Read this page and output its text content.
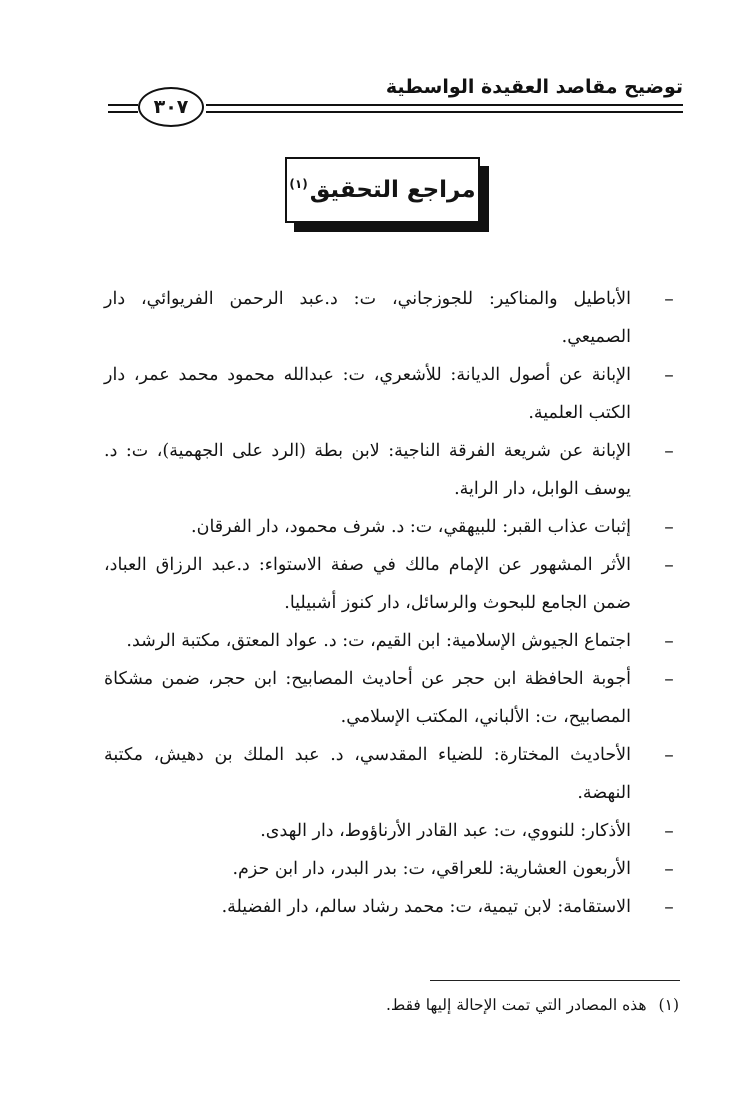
توضيح مقاصد العقيدة الواسطية
٣٠٧
مراجع التحقيق$^{(١)}$
–
الأباطيل والمناكير: للجوزجاني، ت: د.عبد الرحمن الفريوائي، دار الصميعي.
–
الإبانة عن أصول الديانة: للأشعري، ت: عبدالله محمود محمد عمر، دار الكتب العلمية.
–
الإبانة عن شريعة الفرقة الناجية: لابن بطة (الرد على الجهمية)، ت: د. يوسف الوابل، دار الراية.
–
إثبات عذاب القبر: للبيهقي، ت: د. شرف محمود، دار الفرقان.
–
الأثر المشهور عن الإمام مالك في صفة الاستواء: د.عبد الرزاق العباد، ضمن الجامع للبحوث والرسائل، دار كنوز أشبيليا.
–
اجتماع الجيوش الإسلامية: ابن القيم، ت: د. عواد المعتق، مكتبة الرشد.
–
أجوبة الحافظة ابن حجر عن أحاديث المصابيح: ابن حجر، ضمن مشكاة المصابيح، ت: الألباني، المكتب الإسلامي.
–
الأحاديث المختارة: للضياء المقدسي، د. عبد الملك بن دهيش، مكتبة النهضة.
–
الأذكار: للنووي، ت: عبد القادر الأرناؤوط، دار الهدى.
–
الأربعون العشارية: للعراقي، ت: بدر البدر، دار ابن حزم.
–
الاستقامة: لابن تيمية، ت: محمد رشاد سالم، دار الفضيلة.
(١)هذه المصادر التي تمت الإحالة إليها فقط.
